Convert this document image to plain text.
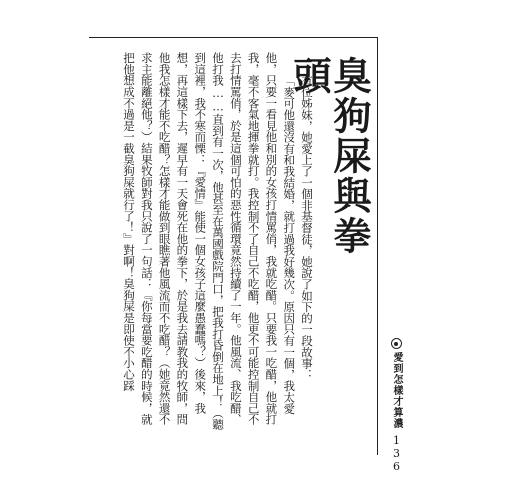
臭狗屎與拳頭

有位姊妹，她愛上了一個非基督徒，她說了如下的一段故事：

「麥可他還沒有和我結婚，就打過我好幾次。原因只有一個，我太愛他，只要一看見他和別的女孩打情罵俏，我就吃醋。只要我一吃醋，他就打我，毫不客氣地揮拳就打。我控制不了自己不吃醋，他更不可能控制自己不去打情罵俏，於是這個可怕的惡性循環竟然持續了一年。他風流、我吃醋、他打我……直到有一次，他甚至在萬國戲院門口，把我打昏倒在地上！（聽到這裡，我不寒而慄：『愛情』能使一個女孩子這麼愚蠢嗎？）後來，我想，再這樣下去，遲早有一天會死在他的拳下，於是我去請教我的牧師，問他我怎樣才能不吃醋？怎樣才能做到眼瞧著他風流而不吃醋？（她竟然還不求主能離絕他？）結果牧師對我只說了一句話：『你每當要吃醋的時候，就把他想成不過是一截臭狗屎就行了！』對啊！臭狗屎是即使不小心踩	愛到怎樣才算濃
136
